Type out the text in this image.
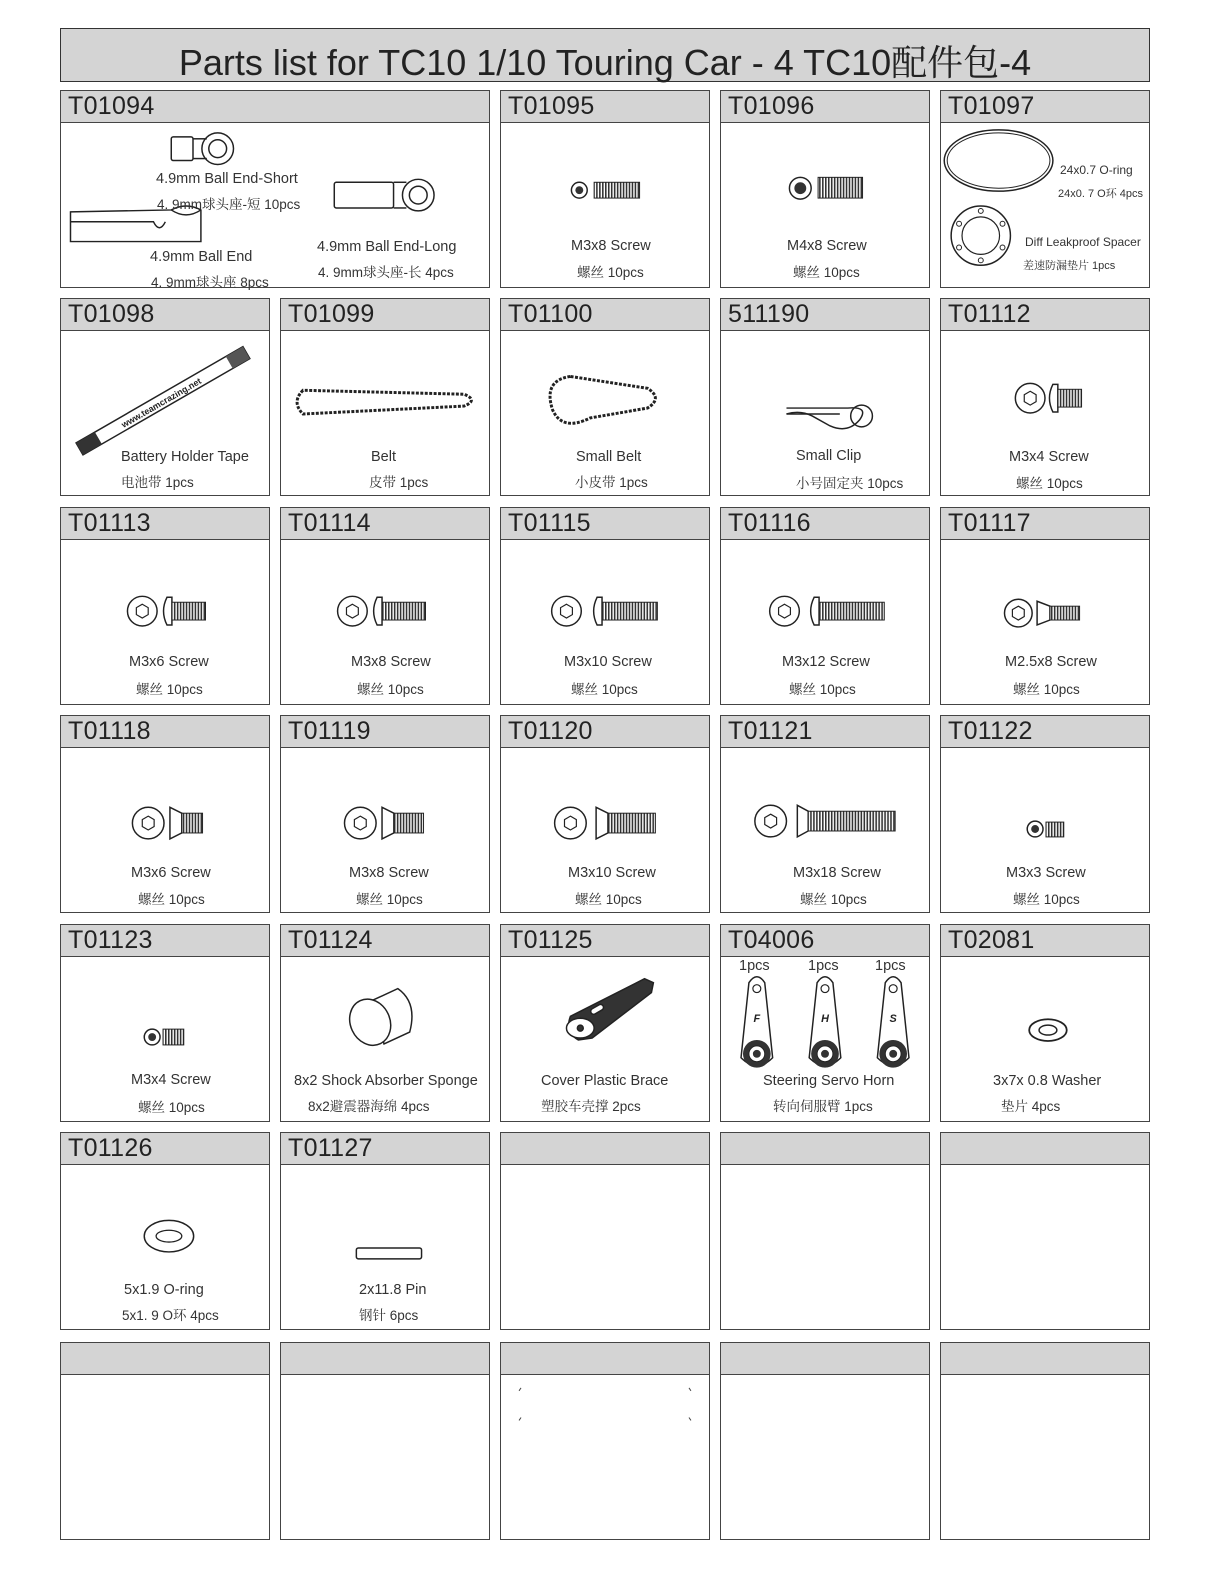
Parts list for TC10 1/10 Touring Car - 4 TC10配件包-4
T01094
4.9mm Ball End-Short
4. 9mm球头座-短 10pcs
4.9mm Ball End-Long
4. 9mm球头座-长 4pcs
4.9mm Ball End
4. 9mm球头座 8pcs
T01095
M3x8 Screw
螺丝 10pcs
T01096
M4x8 Screw
螺丝 10pcs
T01097
24x0.7 O-ring
24x0. 7 O环 4pcs
Diff Leakproof Spacer
差速防漏垫片 1pcs
T01098
www.teamcrazing.net
Battery Holder Tape
电池带 1pcs
T01099
Belt
皮带 1pcs
T01100
Small Belt
小皮带 1pcs
511190
Small Clip
小号固定夹 10pcs
T01112
M3x4 Screw
螺丝 10pcs
T01113
M3x6 Screw
螺丝 10pcs
T01114
M3x8 Screw
螺丝 10pcs
T01115
M3x10 Screw
螺丝 10pcs
T01116
M3x12 Screw
螺丝 10pcs
T01117
M2.5x8 Screw
螺丝 10pcs
T01118
M3x6 Screw
螺丝 10pcs
T01119
M3x8 Screw
螺丝 10pcs
T01120
M3x10 Screw
螺丝 10pcs
T01121
M3x18 Screw
螺丝 10pcs
T01122
M3x3 Screw
螺丝 10pcs
T01123
M3x4 Screw
螺丝 10pcs
T01124
8x2 Shock Absorber Sponge
8x2避震器海绵 4pcs
T01125
Cover Plastic Brace
塑胶车壳撑 2pcs
T04006
1pcs	1pcs	1pcs
F	H	S
Steering Servo Horn
转向伺服臂 1pcs
T02081
3x7x 0.8 Washer
垫片 4pcs
T01126
5x1.9 O-ring
5x1. 9 O环 4pcs
T01127
2x11.8 Pin
钢针 6pcs
